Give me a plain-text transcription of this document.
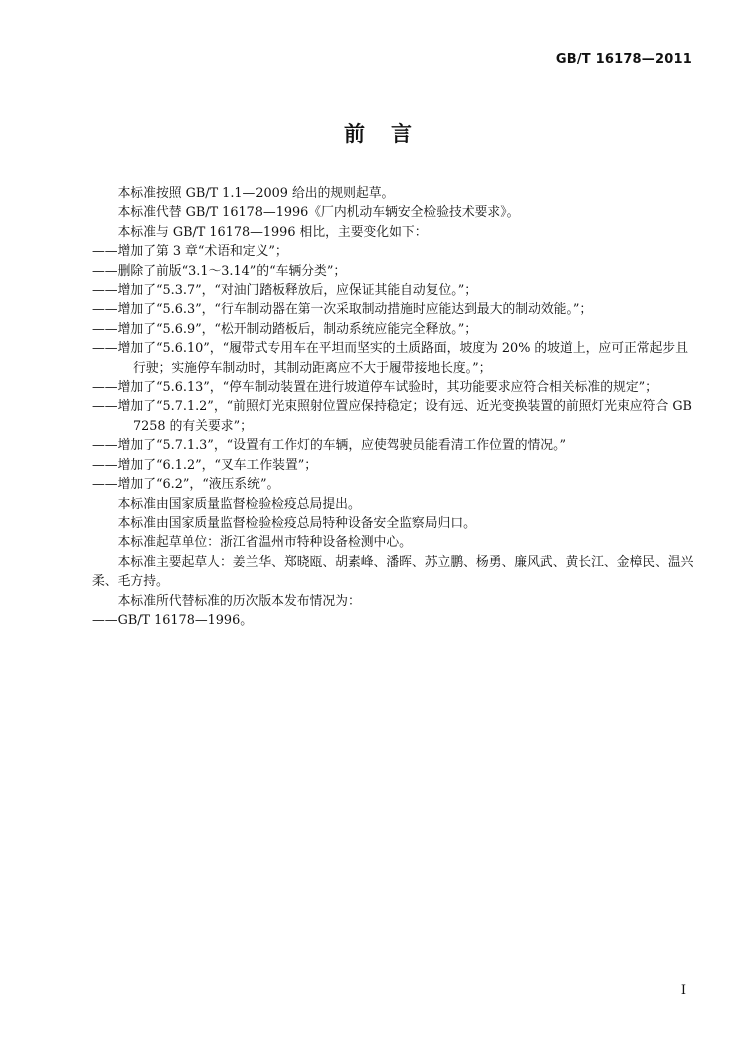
GB/T 16178—2011
前言

本标准按照 GB/T 1.1—2009 给出的规则起草。

本标准代替 GB/T 16178—1996《厂内机动车辆安全检验技术要求》。

本标准与 GB/T 16178—1996 相比，主要变化如下：

——增加了第 3 章“术语和定义”；

——删除了前版“3.1～3.14”的“车辆分类”；

——增加了“5.3.7”，“对油门踏板释放后，应保证其能自动复位。”；

——增加了“5.6.3”，“行车制动器在第一次采取制动措施时应能达到最大的制动效能。”；

——增加了“5.6.9”，“松开制动踏板后，制动系统应能完全释放。”；

——增加了“5.6.10”，“履带式专用车在平坦而坚实的土质路面，坡度为 20% 的坡道上，应可正常起步且行驶；实施停车制动时，其制动距离应不大于履带接地长度。”；

——增加了“5.6.13”，“停车制动装置在进行坡道停车试验时，其功能要求应符合相关标准的规定”；

——增加了“5.7.1.2”，“前照灯光束照射位置应保持稳定；设有远、近光变换装置的前照灯光束应符合 GB 7258 的有关要求”；

——增加了“5.7.1.3”，“设置有工作灯的车辆，应使驾驶员能看清工作位置的情况。”

——增加了“6.1.2”，“叉车工作装置”；

——增加了“6.2”，“液压系统”。

本标准由国家质量监督检验检疫总局提出。

本标准由国家质量监督检验检疫总局特种设备安全监察局归口。

本标准起草单位：浙江省温州市特种设备检测中心。

本标准主要起草人：姜兰华、郑晓瓯、胡素峰、潘晖、苏立鹏、杨勇、廉风武、黄长江、金樟民、温兴柔、毛方持。

本标准所代替标准的历次版本发布情况为：

——GB/T 16178—1996。

I
